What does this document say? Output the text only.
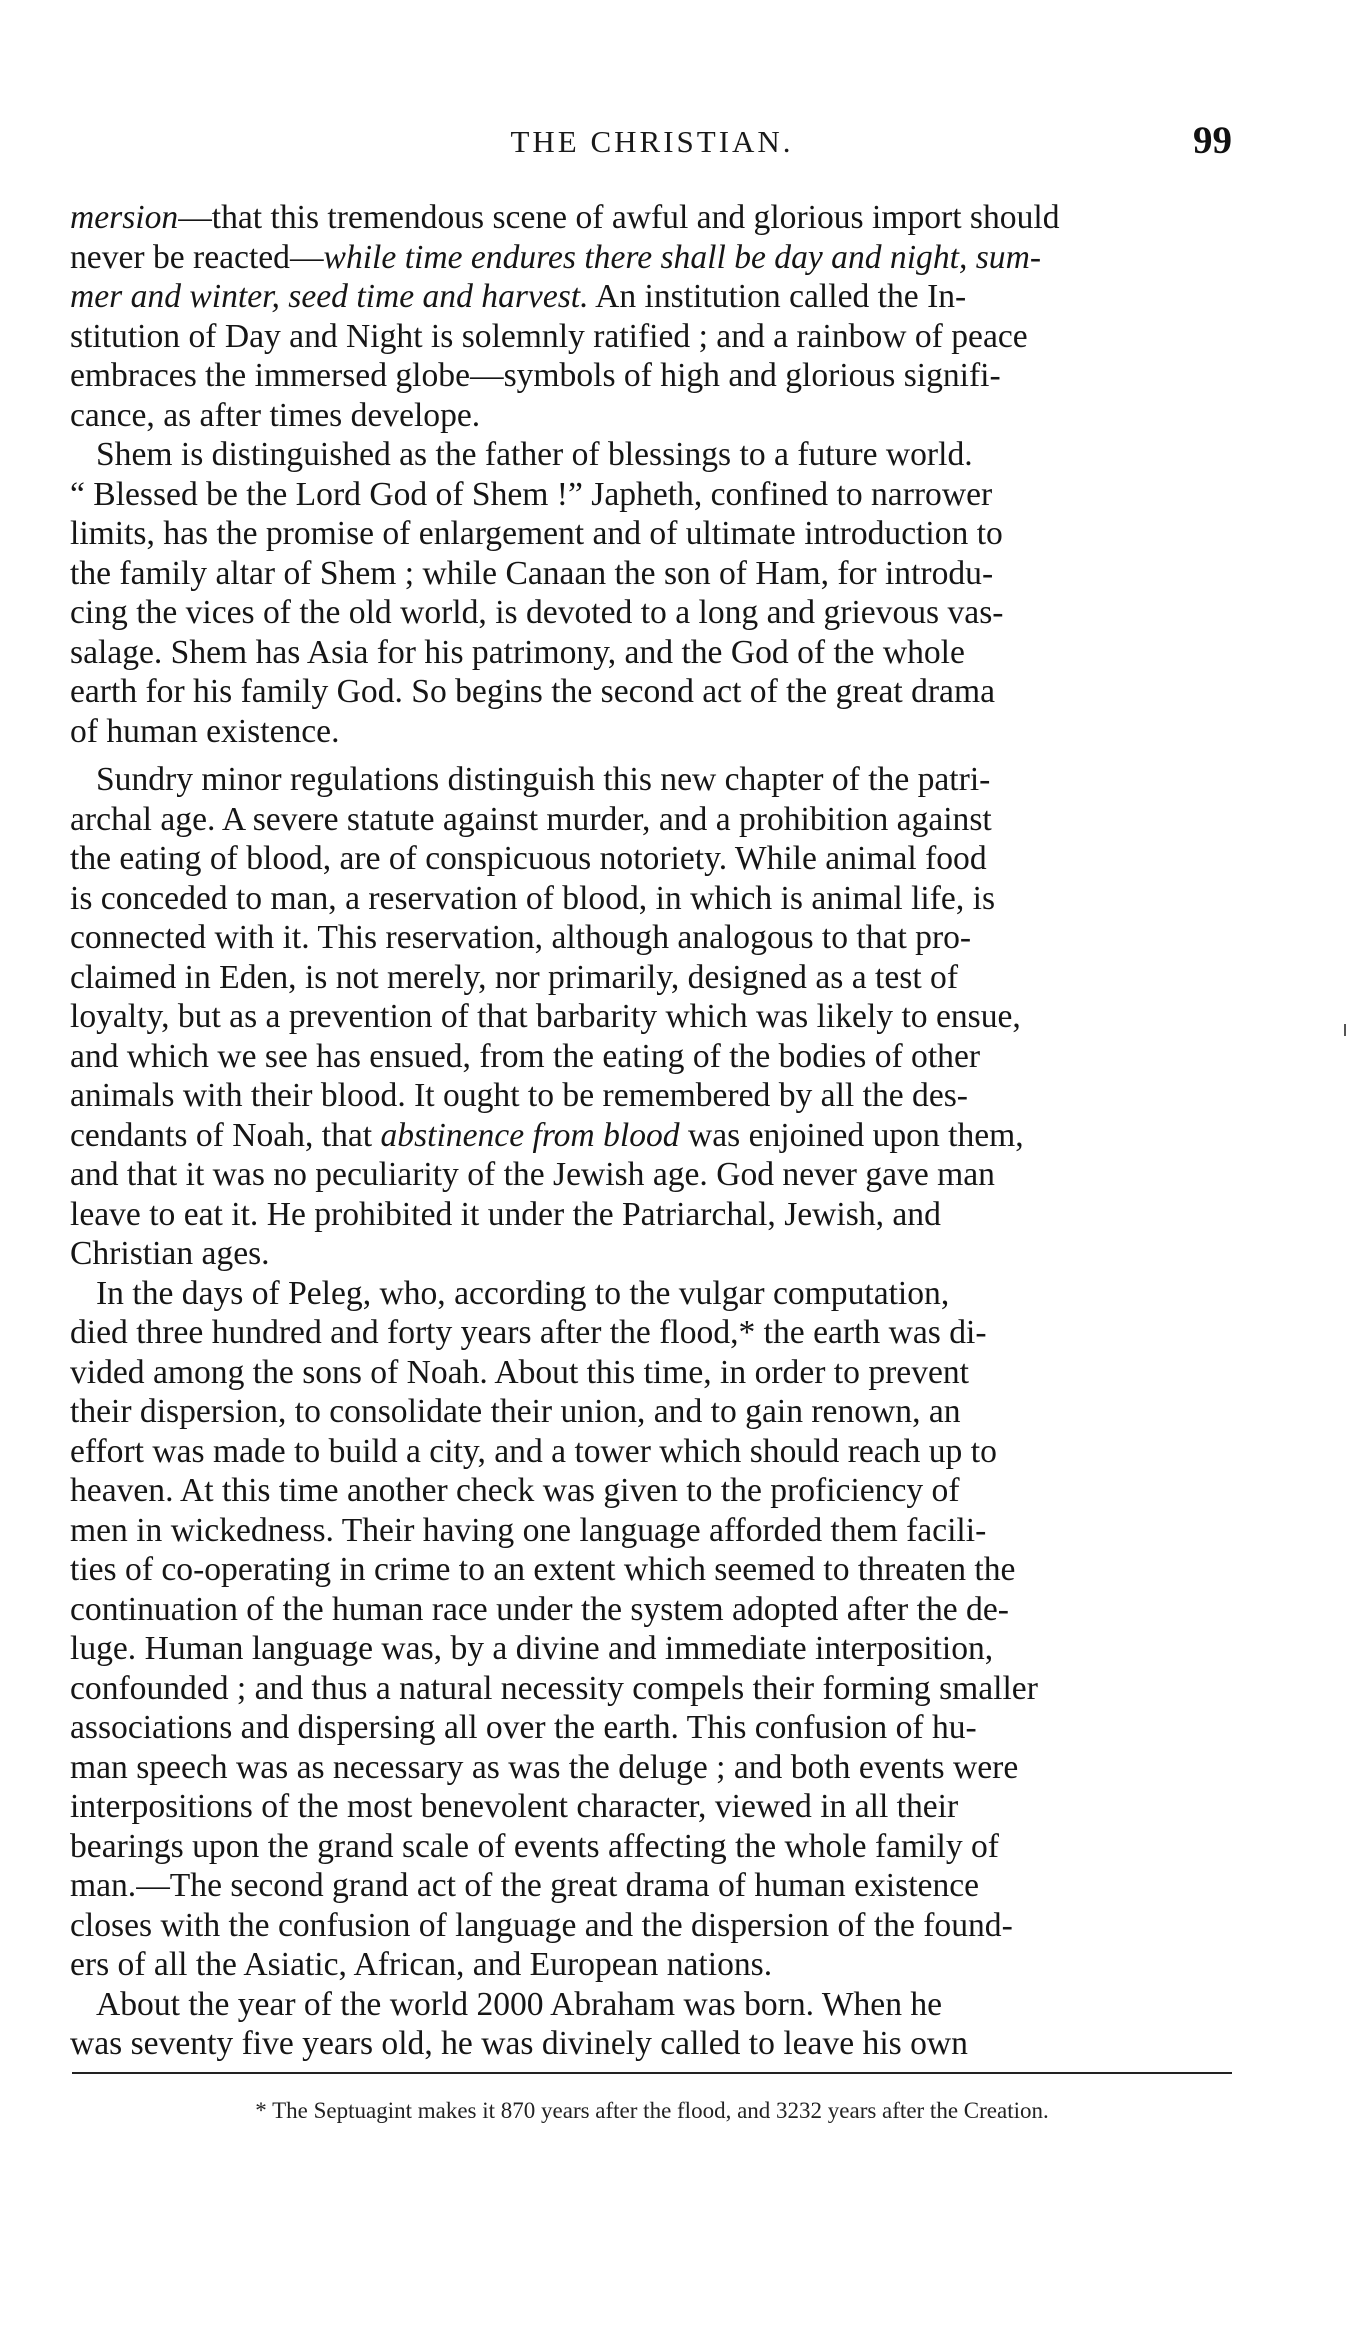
THE CHRISTIAN.	99

mersion—that this tremendous scene of awful and glorious import should
never be reacted—while time endures there shall be day and night, sum-
mer and winter, seed time and harvest. An institution called the In-
stitution of Day and Night is solemnly ratified ; and a rainbow of peace
embraces the immersed globe—symbols of high and glorious signifi-
cance, as after times develope.

Shem is distinguished as the father of blessings to a future world.
“ Blessed be the Lord God of Shem !” Japheth, confined to narrower
limits, has the promise of enlargement and of ultimate introduction to
the family altar of Shem ; while Canaan the son of Ham, for introdu-
cing the vices of the old world, is devoted to a long and grievous vas-
salage. Shem has Asia for his patrimony, and the God of the whole
earth for his family God. So begins the second act of the great drama
of human existence.

Sundry minor regulations distinguish this new chapter of the patri-
archal age. A severe statute against murder, and a prohibition against
the eating of blood, are of conspicuous notoriety. While animal food
is conceded to man, a reservation of blood, in which is animal life, is
connected with it. This reservation, although analogous to that pro-
claimed in Eden, is not merely, nor primarily, designed as a test of
loyalty, but as a prevention of that barbarity which was likely to ensue,
and which we see has ensued, from the eating of the bodies of other
animals with their blood. It ought to be remembered by all the des-
cendants of Noah, that abstinence from blood was enjoined upon them,
and that it was no peculiarity of the Jewish age. God never gave man
leave to eat it. He prohibited it under the Patriarchal, Jewish, and
Christian ages.

In the days of Peleg, who, according to the vulgar computation,
died three hundred and forty years after the flood,* the earth was di-
vided among the sons of Noah. About this time, in order to prevent
their dispersion, to consolidate their union, and to gain renown, an
effort was made to build a city, and a tower which should reach up to
heaven. At this time another check was given to the proficiency of
men in wickedness. Their having one language afforded them facili-
ties of co-operating in crime to an extent which seemed to threaten the
continuation of the human race under the system adopted after the de-
luge. Human language was, by a divine and immediate interposition,
confounded ; and thus a natural necessity compels their forming smaller
associations and dispersing all over the earth. This confusion of hu-
man speech was as necessary as was the deluge ; and both events were
interpositions of the most benevolent character, viewed in all their
bearings upon the grand scale of events affecting the whole family of
man.—The second grand act of the great drama of human existence
closes with the confusion of language and the dispersion of the found-
ers of all the Asiatic, African, and European nations.

About the year of the world 2000 Abraham was born. When he
was seventy five years old, he was divinely called to leave his own

* The Septuagint makes it 870 years after the flood, and 3232 years after the Creation.
